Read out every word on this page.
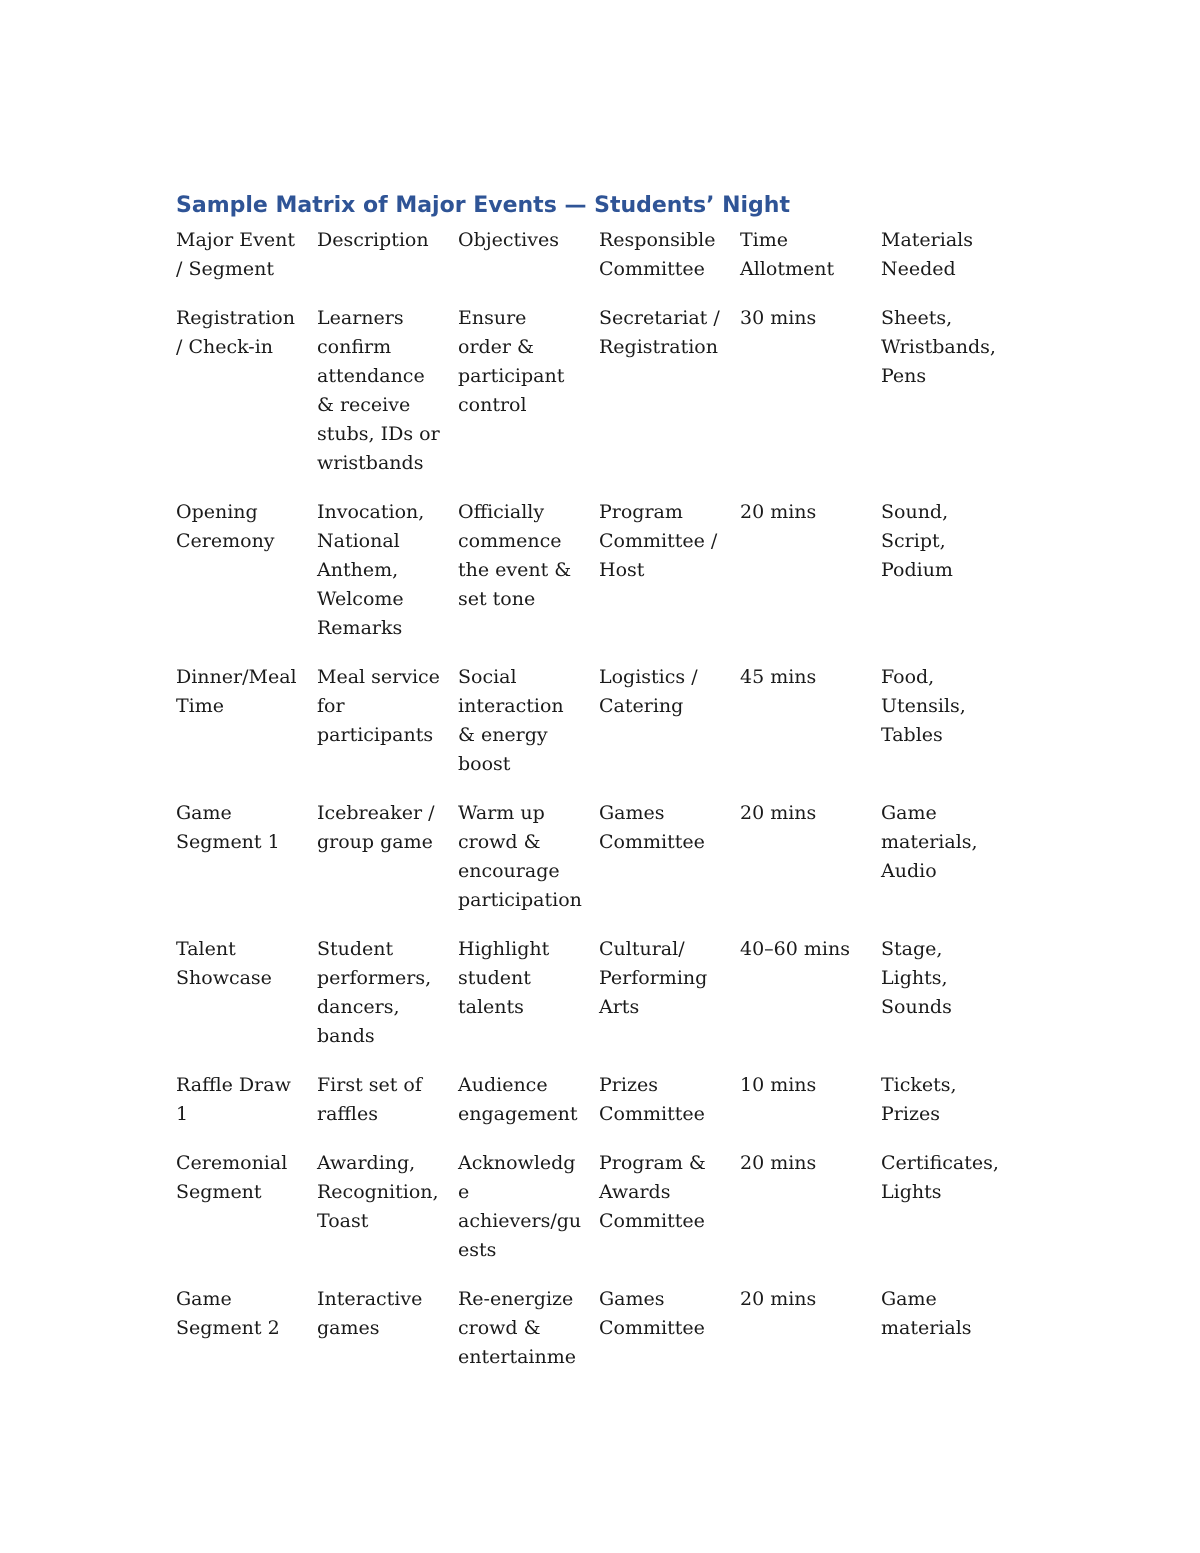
Sample Matrix of Major Events — Students’ Night
Major Event / Segment	Description	Objectives	Responsible Committee	Time Allotment	Materials Needed
Registration / Check-in	Learners confirm attendance & receive stubs, IDs or wristbands	Ensure order & participant control	Secretariat / Registration	30 mins	Sheets, Wristbands, Pens
Opening Ceremony	Invocation, National Anthem, Welcome Remarks	Officially commence the event & set tone	Program Committee / Host	20 mins	Sound, Script, Podium
Dinner/Meal Time	Meal service for participants	Social interaction & energy boost	Logistics / Catering	45 mins	Food, Utensils, Tables
Game Segment 1	Icebreaker / group game	Warm up crowd & encourage participation	Games Committee	20 mins	Game materials, Audio
Talent Showcase	Student performers, dancers, bands	Highlight student talents	Cultural/ Performing Arts	40–60 mins	Stage, Lights, Sounds
Raffle Draw 1	First set of raffles	Audience engagement	Prizes Committee	10 mins	Tickets, Prizes
Ceremonial Segment	Awarding, Recognition, Toast	Acknowledge achievers/guests	Program & Awards Committee	20 mins	Certificates, Lights
Game Segment 2	Interactive games	Re-energize crowd & entertainme	Games Committee	20 mins	Game materials
